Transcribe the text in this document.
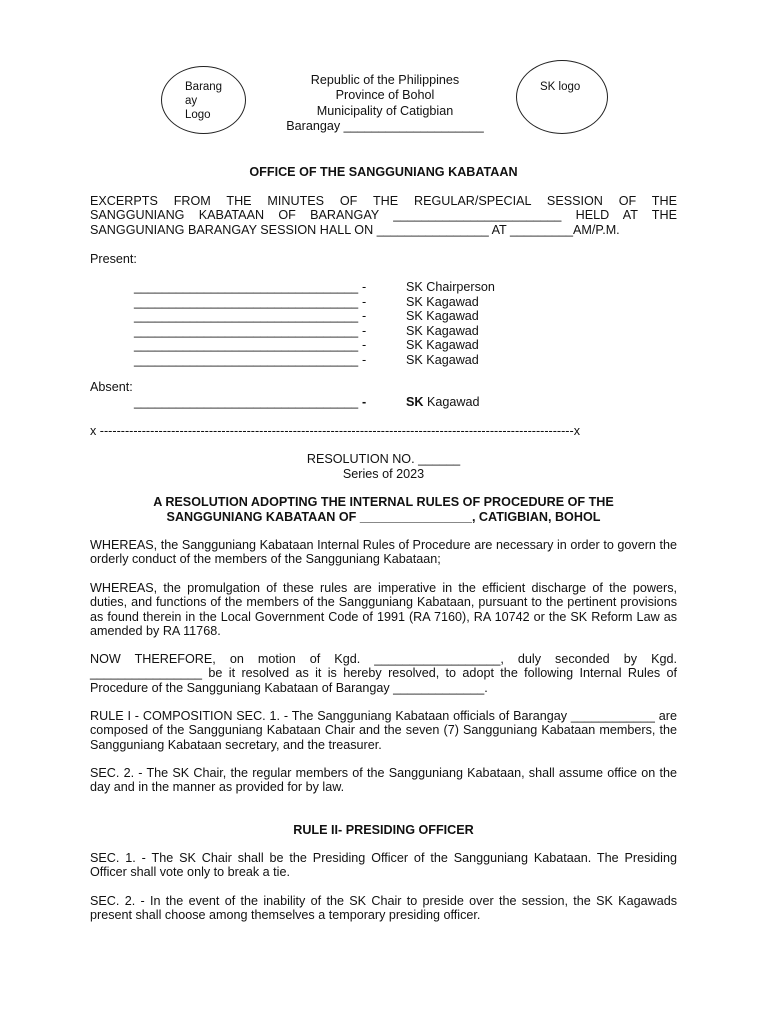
Barang ay Logo
SK logo
Republic of the Philippines
Province of Bohol
Municipality of Catigbian
Barangay ____________________
OFFICE OF THE SANGGUNIANG KABATAAN
EXCERPTS FROM THE MINUTES OF THE REGULAR/SPECIAL SESSION OF THE
SANGGUNIANG KABATAAN OF BARANGAY ________________________ HELD AT THE
SANGGUNIANG BARANGAY SESSION HALL ON ________________ AT _________AM/P.M.
Present:
________________________________ -	SK Chairperson
________________________________ -	SK Kagawad
________________________________ -	SK Kagawad
________________________________ -	SK Kagawad
________________________________ -	SK Kagawad
________________________________ -	SK Kagawad
Absent:
________________________________ -	SK Kagawad
x -----------------------------------------------------------------------------------------------------------------x
RESOLUTION NO. ______
Series of 2023
A RESOLUTION ADOPTING THE INTERNAL RULES OF PROCEDURE OF THE
SANGGUNIANG KABATAAN OF ________________, CATIGBIAN, BOHOL
WHEREAS, the Sangguniang Kabataan Internal Rules of Procedure are necessary in order to govern the orderly conduct of the members of the Sangguniang Kabataan;
WHEREAS, the promulgation of these rules are imperative in the efficient discharge of the powers, duties, and functions of the members of the Sangguniang Kabataan, pursuant to the pertinent provisions as found therein in the Local Government Code of 1991 (RA 7160), RA 10742 or the SK Reform Law as amended by RA 11768.
NOW THEREFORE, on motion of Kgd. __________________, duly seconded by Kgd. ________________ be it resolved as it is hereby resolved, to adopt the following Internal Rules of Procedure of the Sangguniang Kabataan of Barangay _____________.
RULE I - COMPOSITION SEC. 1. - The Sangguniang Kabataan officials of Barangay ____________ are composed of the Sangguniang Kabataan Chair and the seven (7) Sangguniang Kabataan members, the Sangguniang Kabataan secretary, and the treasurer.
SEC. 2. - The SK Chair, the regular members of the Sangguniang Kabataan, shall assume office on the day and in the manner as provided for by law.
RULE II- PRESIDING OFFICER
SEC. 1. - The SK Chair shall be the Presiding Officer of the Sangguniang Kabataan. The Presiding Officer shall vote only to break a tie.
SEC. 2. - In the event of the inability of the SK Chair to preside over the session, the SK Kagawads present shall choose among themselves a temporary presiding officer.
